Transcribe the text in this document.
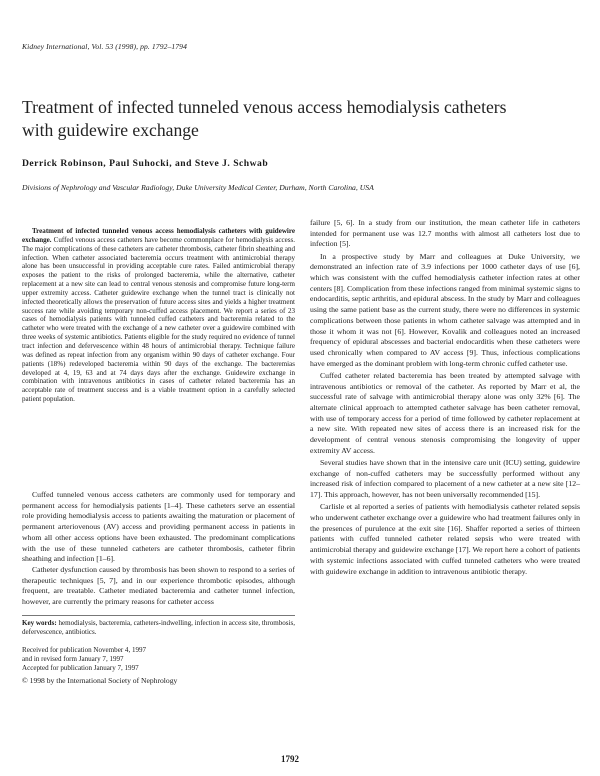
Kidney International, Vol. 53 (1998), pp. 1792–1794
Treatment of infected tunneled venous access hemodialysis catheters with guidewire exchange
Derrick Robinson, Paul Suhocki, and Steve J. Schwab
Divisions of Nephrology and Vascular Radiology, Duke University Medical Center, Durham, North Carolina, USA

Treatment of infected tunneled venous access hemodialysis catheters with guidewire exchange. Cuffed venous access catheters have become commonplace for hemodialysis access. The major complications of these catheters are catheter thrombosis, catheter fibrin sheathing and infection. When catheter associated bacteremia occurs treatment with antimicrobial therapy alone has been unsuccessful in providing acceptable cure rates. Failed antimicrobial therapy exposes the patient to the risks of prolonged bacteremia, while the alternative, catheter replacement at a new site can lead to central venous stenosis and compromise future long-term upper extremity access. Catheter guidewire exchange when the tunnel tract is clinically not infected theoretically allows the preservation of future access sites and yields a higher treatment success rate while avoiding temporary non-cuffed access placement. We report a series of 23 cases of hemodialysis patients with tunneled cuffed catheters and bacteremia related to the catheter who were treated with the exchange of a new catheter over a guidewire combined with three weeks of systemic antibiotics. Patients eligible for the study required no evidence of tunnel tract infection and defervescence within 48 hours of antimicrobial therapy. Technique failure was defined as repeat infection from any organism within 90 days of catheter exchange. Four patients (18%) redeveloped bacteremia within 90 days of the exchange. The bacteremias developed at 4, 19, 63 and at 74 days days after the exchange. Guidewire exchange in combination with intravenous antibiotics in cases of catheter related bacteremia has an acceptable rate of treatment success and is a viable treatment option in a carefully selected patient population.

Cuffed tunneled venous access catheters are commonly used for temporary and permanent access for hemodialysis patients [1–4]. These catheters serve an essential role providing hemodialysis access to patients awaiting the maturation or placement of permanent arteriovenous (AV) access and providing permanent access in patients in whom all other access options have been exhausted. The predominant complications with the use of these tunneled catheters are catheter thrombosis, catheter fibrin sheathing and infection [1–6].

Catheter dysfunction caused by thrombosis has been shown to respond to a series of therapeutic techniques [5, 7], and in our experience thrombotic episodes, although frequent, are treatable. Catheter mediated bacteremia and catheter tunnel infection, however, are currently the primary reasons for catheter access

Key words: hemodialysis, bacteremia, catheters-indwelling, infection in access site, thrombosis, defervescence, antibiotics.
Received for publication November 4, 1997
and in revised form January 7, 1997
Accepted for publication January 7, 1997
© 1998 by the International Society of Nephrology

failure [5, 6]. In a study from our institution, the mean catheter life in catheters intended for permanent use was 12.7 months with almost all catheters lost due to infection [5].

In a prospective study by Marr and colleagues at Duke University, we demonstrated an infection rate of 3.9 infections per 1000 catheter days of use [6], which was consistent with the cuffed hemodialysis catheter infection rates at other centers [8]. Complication from these infections ranged from minimal systemic signs to endocarditis, septic arthritis, and epidural abscess. In the study by Marr and colleagues using the same patient base as the current study, there were no differences in systemic complications between those patients in whom catheter salvage was attempted and in those it whom it was not [6]. However, Kovalik and colleagues noted an increased frequency of epidural abscesses and bacterial endocarditis when these catheters were used chronically when compared to AV access [9]. Thus, infectious complications have emerged as the dominant problem with long-term chronic cuffed catheter use.

Cuffed catheter related bacteremia has been treated by attempted salvage with intravenous antibiotics or removal of the catheter. As reported by Marr et al, the successful rate of salvage with antimicrobial therapy alone was only 32% [6]. The alternate clinical approach to attempted catheter salvage has been catheter removal, with use of temporary access for a period of time followed by catheter replacement at a new site. With repeated new sites of access there is an increased risk for the development of central venous stenosis compromising the longevity of upper extremity AV access.

Several studies have shown that in the intensive care unit (ICU) setting, guidewire exchange of non-cuffed catheters may be successfully performed without any increased risk of infection compared to placement of a new catheter at a new site [12–17]. This approach, however, has not been universally recommended [15].

Carlisle et al reported a series of patients with hemodialysis catheter related sepsis who underwent catheter exchange over a guidewire who had treatment failures only in the presences of purulence at the exit site [16]. Shaffer reported a series of thirteen patients with cuffed tunneled catheter related sepsis who were treated with antimicrobial therapy and guidewire exchange [17]. We report here a cohort of patients with systemic infections associated with cuffed tunneled catheters who were treated with guidewire exchange in addition to intravenous antibiotic therapy.

1792
